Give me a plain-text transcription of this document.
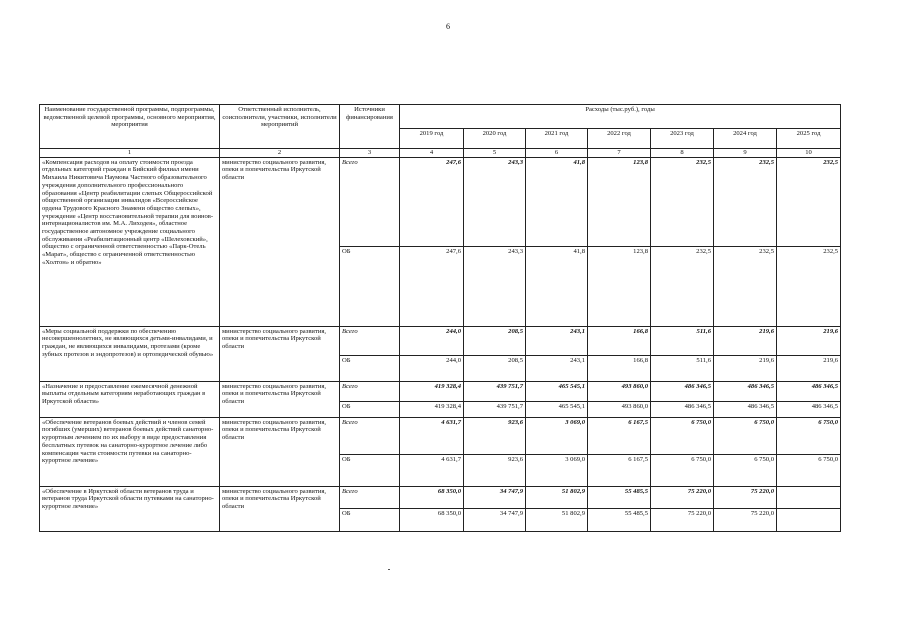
6
Наименование государственной программы, подпрограммы, ведомственной целевой программы, основного мероприятия, мероприятия	Ответственный исполнитель, соисполнители, участники, исполнители мероприятий	Источники финансирования	Расходы (тыс.руб.), годы						
			2019 год	2020 год	2021 год	2022 год	2023 год	2024 год	2025 год
1	2	3	4	5	6	7	8	9	10
«Компенсация расходов на оплату стоимости проезда отдельных категорий граждан в Бийский филиал имени Михаила Никитовича Наумова Частного образовательного учреждения дополнительного профессионального образования «Центр реабилитации слепых Общероссийской общественной организации инвалидов «Всероссийское ордена Трудового Красного Знамени общество слепых», учреждение «Центр восстановительной терапии для воинов-интернационалистов им. М.А. Лиходея», областное государственное автономное учреждение социального обслуживания «Реабилитационный центр «Шелеховский», общество с ограниченной ответственностью «Парк-Отель «Марат», общество с ограниченной ответственностью «Холтон» и обратно»	министерство социального развития, опеки и попечительства Иркутской области	Всего	247,6	243,3	41,8	123,8	232,5	232,5	232,5
		ОБ	247,6	243,3	41,8	123,8	232,5	232,5	232,5
«Меры социальной поддержки по обеспечению несовершеннолетних, не являющихся детьми-инвалидами, и граждан, не являющихся инвалидами, протезами (кроме зубных протезов и эндопротезов) и ортопедической обувью»	министерство социального развития, опеки и попечительства Иркутской области	Всего	244,0	208,5	243,1	166,8	511,6	219,6	219,6
		ОБ	244,0	208,5	243,1	166,8	511,6	219,6	219,6
«Назначение и предоставление ежемесячной денежной выплаты отдельным категориям неработающих граждан в Иркутской области»	министерство социального развития, опеки и попечительства Иркутской области	Всего	419 328,4	439 751,7	465 545,1	493 860,0	486 346,5	486 346,5	486 346,5
		ОБ	419 328,4	439 751,7	465 545,1	493 860,0	486 346,5	486 346,5	486 346,5
«Обеспечение ветеранов боевых действий и членов семей погибших (умерших) ветеранов боевых действий санаторно-курортным лечением по их выбору в виде предоставления бесплатных путевок на санаторно-курортное лечение либо компенсации части стоимости путевки на санаторно-курортное лечение»	министерство социального развития, опеки и попечительства Иркутской области	Всего	4 631,7	923,6	3 069,0	6 167,5	6 750,0	6 750,0	6 750,0
		ОБ	4 631,7	923,6	3 069,0	6 167,5	6 750,0	6 750,0	6 750,0
«Обеспечение в Иркутской области ветеранов труда и ветеранов труда Иркутской области путевками на санаторно-курортное лечение»	министерство социального развития, опеки и попечительства Иркутской области	Всего	68 350,0	34 747,9	51 802,9	55 485,5	75 220,0	75 220,0	
		ОБ	68 350,0	34 747,9	51 802,9	55 485,5	75 220,0	75 220,0	
